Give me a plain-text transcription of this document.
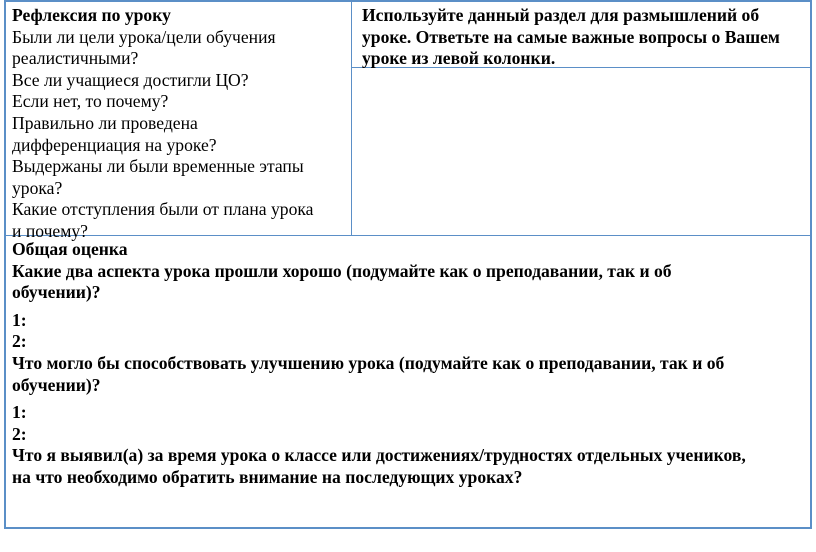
Рефлексия по уроку
Были ли цели урока/цели обучения
реалистичными?
Все ли учащиеся достигли ЦО?
Если нет, то почему?
Правильно ли проведена
дифференциация на уроке?
Выдержаны ли были временные этапы
урока?
Какие отступления были от плана урока
и почему?
Используйте данный раздел для размышлений об
уроке. Ответьте на самые важные вопросы о Вашем
уроке из левой колонки.
Общая оценка
Какие два аспекта урока прошли хорошо (подумайте как о преподавании, так и об
обучении)?
1:
2:
Что могло бы способствовать улучшению урока (подумайте как о преподавании, так и об
обучении)?
1:
2:
Что я выявил(а) за время урока о классе или достижениях/трудностях отдельных учеников,
на что необходимо обратить внимание на последующих уроках?
